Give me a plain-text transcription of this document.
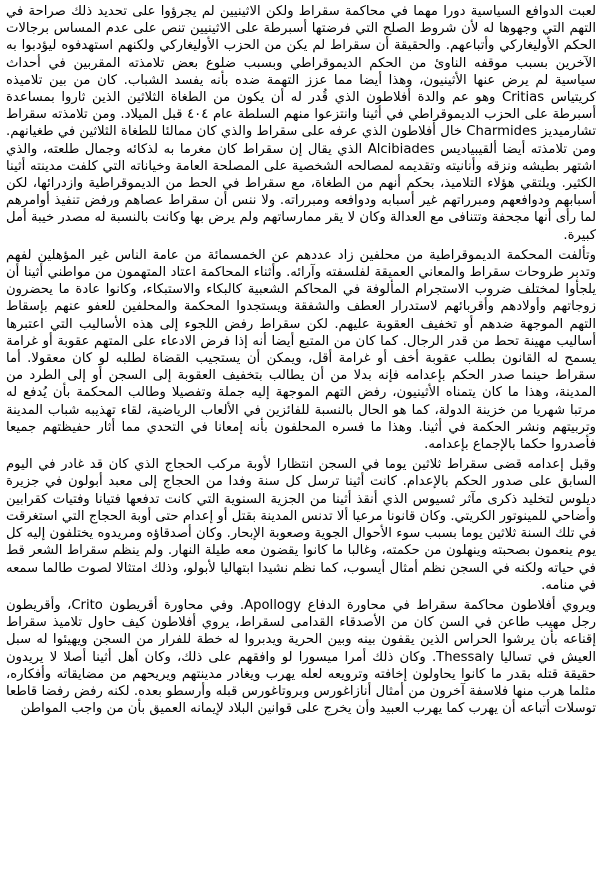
لعبت الدوافع السياسية دورا مهما في محاكمة سقراط ولكن الاثينيين لم يجرؤوا على تحديد ذلك صراحة في التهم التي وجهوها له لأن شروط الصلح التي فرضتها أسبرطة على الاثينيين تنص على عدم المساس برجالات الحكم الأوليغاركي وأتباعهم. والحقيقة أن سقراط لم يكن من الحزب الأوليغاركي ولكنهم استهدفوه ليؤدبوا به الآخرين بسبب موقفه الناوئ من الحكم الديموقراطي وبسبب ضلوع بعض تلامذته المقربين في أحداث سياسية لم يرض عنها الأثينيون، وهذا أيضا مما عزز التهمة ضده بأنه يفسد الشباب. كان من بين تلاميذه كريتياس Critias وهو عم والدة أفلاطون الذي قُدر له أن يكون من الطغاة الثلاثين الذين ثاروا بمساعدة أسبرطة على الحزب الديموقراطي في أثينا وانتزعوا منهم السلطة عام ٤٠٤ قبل الميلاد. ومن تلامذته سقراط تشارميديز Charmides خال أفلاطون الذي عرفه على سقراط والذي كان ممالئا للطغاة الثلاثين في طغيانهم. ومن تلامذته أيضا ألقيبياديس Alcibiades الذي يقال إن سقراط كان مغرما به لذكائه وجمال طلعته، والذي اشتهر بطيشه ونزقه وأنانيته وتقديمه لمصالحه الشخصية على المصلحة العامة وخياناته التي كلفت مدينته أثينا الكثير. ويلتقي هؤلاء التلاميذ، بحكم أنهم من الطغاة، مع سقراط في الحط من الديموقراطية وازدرائها، لكن أسبابهم ودوافعهم ومبرراتهم غير أسبابه ودوافعه ومبرراته. ولا ننس أن سقراط عصاهم ورفض تنفيذ أوامرهم لما رأى أنها مجحفة وتتنافى مع العدالة وكان لا يقر ممارساتهم ولم يرض بها وكانت بالنسبة له مصدر خيبة أمل كبيرة.

وتألفت المحكمة الديموقراطية من محلفين زاد عددهم عن الخمسمائة من عامة الناس غير المؤهلين لفهم وتدبر طروحات سقراط والمعاني العميقة لفلسفته وآرائه. وأثناء المحاكمة اعتاد المتهمون من مواطني أثينا أن يلجأوا لمختلف ضروب الاستجرام المألوفة في المحاكم الشعبية كالبكاء والاستبكاء، وكانوا عادة ما يحضرون زوجاتهم وأولادهم وأقربائهم لاستدرار العطف والشفقة ويستجدوا المحكمة والمحلفين للعفو عنهم بإسقاط التهم الموجهة ضدهم أو تخفيف العقوبة عليهم. لكن سقراط رفض اللجوء إلى هذه الأساليب التي اعتبرها أساليب مهينة تحط من قدر الرجال. كما كان من المتبع أيضا أنه إذا فرض الادعاء على المتهم عقوبة أو غرامة يسمح له القانون بطلب عقوبة أخف أو غرامة أقل، ويمكن أن يستجيب القضاة لطلبه لو كان معقولا. أما سقراط حينما صدر الحكم بإعدامه فإنه بدلا من أن يطالب بتخفيف العقوبة إلى السجن أو إلى الطرد من المدينة، وهذا ما كان يتمناه الأثينيون، رفض التهم الموجهة إليه جملة وتفصيلا وطالب المحكمة بأن يُدفع له مرتبا شهريا من خزينة الدولة، كما هو الحال بالنسبة للفائزين في الألعاب الرياضية، لقاء تهذيبه شباب المدينة وتربيتهم ونشر الحكمة في أثينا. وهذا ما فسره المحلفون بأنه إمعانا في التحدي مما أثار حفيظتهم جميعا فأصدروا حكما بالإجماع بإعدامه.

وقبل إعدامه قضى سقراط ثلاثين يوما في السجن انتظارا لأوبة مركب الحجاج الذي كان قد غادر في اليوم السابق على صدور الحكم بالإعدام. كانت أثينا ترسل كل سنة وفدا من الحجاج إلى معبد أبولون في جزيرة ديلوس لتخليد ذكرى مآثر ثسيوس الذي أنقذ أثينا من الجزية السنوية التي كانت تدفعها فتيانا وفتيات كقرابين وأضاحي للمينوتور الكريتي. وكان قانونا مرعيا ألا تدنس المدينة بقتل أو إعدام حتى أوبة الحجاج التي استغرقت في تلك السنة ثلاثين يوما بسبب سوء الأحوال الجوية وصعوبة الإبحار. وكان أصدقاؤه ومريدوه يختلفون إليه كل يوم ينعمون بصحبته وينهلون من حكمته، وغالبا ما كانوا يقضون معه طيلة النهار. ولم ينظم سقراط الشعر قط في حياته ولكنه في السجن نظم أمثال أيسوب، كما نظم نشيدا ابتهاليا لأبولو، وذلك امتثالا لصوت طالما سمعه في منامه.

ويروي أفلاطون محاكمة سقراط في محاورة الدفاع Apollogy. وفي محاورة أقريطون Crito، وأقريطون رجل مهيب طاعن في السن كان من الأصدقاء القدامى لسقراط، يروي أفلاطون كيف حاول تلاميذ سقراط إقناعه بأن يرشوا الحراس الذين يقفون بينه وبين الحرية ويدبروا له خطة للفرار من السجن ويهيئوا له سبل العيش في تساليا Thessaly. وكان ذلك أمرا ميسورا لو وافقهم على ذلك، وكان أهل أثينا أصلا لا يريدون حقيقة قتله بقدر ما كانوا يحاولون إخافته وترويعه لعله يهرب ويغادر مدينتهم ويريحهم من مضايقاته وأفكاره، مثلما هرب منها فلاسفة آخرون من أمثال أنازاغورس وبروتاغورس قبله وأرسطو بعده. لكنه رفض رفضا قاطعا توسلات أتباعه أن يهرب كما يهرب العبيد وأن يخرج على قوانين البلاد لإيمانه العميق بأن من واجب المواطن
